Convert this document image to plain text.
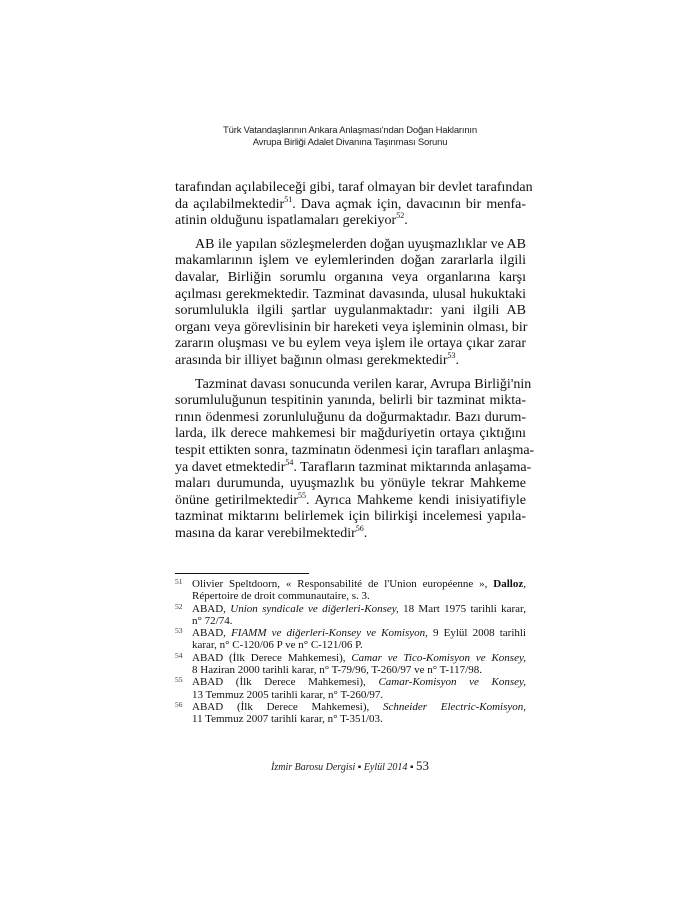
Türk Vatandaşlarının Ankara Anlaşması'ndan Doğan Haklarının
Avrupa Birliği Adalet Divanına Taşınması Sorunu
tarafından açılabileceği gibi, taraf olmayan bir devlet tarafından
da açılabilmektedir$^{51}$. Dava açmak için, davacının bir menfa-
atinin olduğunu ispatlamaları gerekiyor$^{52}$.
AB ile yapılan sözleşmelerden doğan uyuşmazlıklar ve AB
makamlarının işlem ve eylemlerinden doğan zararlarla ilgili
davalar, Birliğin sorumlu organına veya organlarına karşı
açılması gerekmektedir. Tazminat davasında, ulusal hukuktaki
sorumlulukla ilgili şartlar uygulanmaktadır: yani ilgili AB
organı veya görevlisinin bir hareketi veya işleminin olması, bir
zararın oluşması ve bu eylem veya işlem ile ortaya çıkar zarar
arasında bir illiyet bağının olması gerekmektedir$^{53}$.
Tazminat davası sonucunda verilen karar, Avrupa Birliği'nin
sorumluluğunun tespitinin yanında, belirli bir tazminat mikta-
rının ödenmesi zorunluluğunu da doğurmaktadır. Bazı durum-
larda, ilk derece mahkemesi bir mağduriyetin ortaya çıktığını
tespit ettikten sonra, tazminatın ödenmesi için tarafları anlaşma-
ya davet etmektedir$^{54}$. Tarafların tazminat miktarında anlaşama-
maları durumunda, uyuşmazlık bu yönüyle tekrar Mahkeme
önüne getirilmektedir$^{55}$. Ayrıca Mahkeme kendi inisiyatifiyle
tazminat miktarını belirlemek için bilirkişi incelemesi yapıla-
masına da karar verebilmektedir$^{56}$.
51 Olivier Speltdoorn, « Responsabilité de l'Union européenne », Dalloz,
Répertoire de droit communautaire, s. 3.
52 ABAD, Union syndicale ve diğerleri-Konsey, 18 Mart 1975 tarihli karar,
n° 72/74.
53 ABAD, FIAMM ve diğerleri-Konsey ve Komisyon, 9 Eylül 2008 tarihli
karar, n° C-120/06 P ve n° C-121/06 P.
54 ABAD (İlk Derece Mahkemesi), Camar ve Tico-Komisyon ve Konsey,
8 Haziran 2000 tarihli karar, n° T-79/96, T-260/97 ve n° T-117/98.
55 ABAD (İlk Derece Mahkemesi), Camar-Komisyon ve Konsey,
13 Temmuz 2005 tarihli karar, n° T-260/97.
56 ABAD (İlk Derece Mahkemesi), Schneider Electric-Komisyon,
11 Temmuz 2007 tarihli karar, n° T-351/03.
İzmir Barosu Dergisi ▪ Eylül 2014 ▪ 53
